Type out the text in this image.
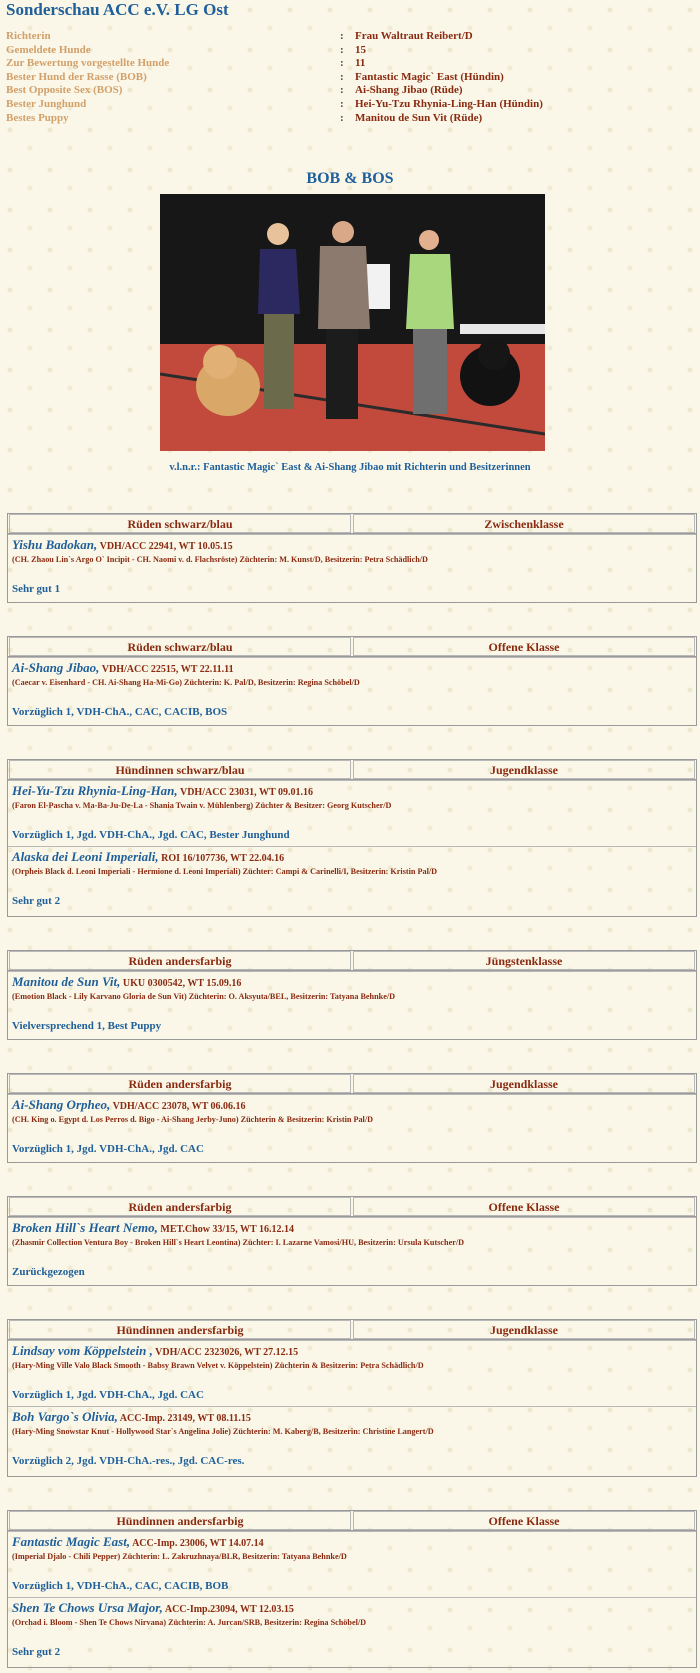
Sonderschau ACC e.V. LG Ost
Richterin	:	Frau Waltraut Reibert/D
Gemeldete Hunde	:	15
Zur Bewertung vorgestellte Hunde	:	11
Bester Hund der Rasse (BOB)	:	Fantastic Magic` East (Hündin)
Best Opposite Sex (BOS)	:	Ai-Shang Jibao (Rüde)
Bester Junghund	:	Hei-Yu-Tzu Rhynia-Ling-Han (Hündin)
Bestes Puppy	:	Manitou de Sun Vit (Rüde)
BOB & BOS
v.l.n.r.: Fantastic Magic` East & Ai-Shang Jibao mit Richterin und Besitzerinnen
Rüden schwarz/blau	Zwischenklasse
Yishu Badokan, VDH/ACC 22941, WT 10.05.15
(CH. Zhaou Lin`s Argo O` Incipit - CH. Naomi v. d. Flachsröste) Züchterin: M. Kunst/D, Besitzerin: Petra Schädlich/D
Sehr gut 1
Rüden schwarz/blau	Offene Klasse
Ai-Shang Jibao, VDH/ACC 22515, WT 22.11.11
(Caecar v. Eisenhard - CH. Ai-Shang Ha-Mi-Go) Züchterin: K. Pal/D, Besitzerin: Regina Schöbel/D
Vorzüglich 1, VDH-ChA., CAC, CACIB, BOS
Hündinnen schwarz/blau	Jugendklasse
Hei-Yu-Tzu Rhynia-Ling-Han, VDH/ACC 23031, WT 09.01.16
(Faron El-Pascha v. Ma-Ba-Ju-De-La - Shania Twain v. Mühlenberg) Züchter & Besitzer: Georg Kutscher/D
Vorzüglich 1, Jgd. VDH-ChA., Jgd. CAC, Bester Junghund
Alaska dei Leoni Imperiali, ROI 16/107736, WT 22.04.16
(Orpheis Black d. Leoni Imperiali - Hermione d. Leoni Imperiali) Züchter: Campi & Carinelli/I, Besitzerin: Kristin Pal/D
Sehr gut 2
Rüden andersfarbig	Jüngstenklasse
Manitou de Sun Vit, UKU 0300542, WT 15.09.16
(Emotion Black - Lily Karvano Gloria de Sun Vit) Züchterin: O. Aksyuta/BEL, Besitzerin: Tatyana Behnke/D
Vielversprechend 1, Best Puppy
Rüden andersfarbig	Jugendklasse
Ai-Shang Orpheo, VDH/ACC 23078, WT 06.06.16
(CH. King o. Egypt d. Los Perros d. Bigo - Ai-Shang Jerby-Juno) Züchterin & Besitzerin: Kristin Pal/D
Vorzüglich 1, Jgd. VDH-ChA., Jgd. CAC
Rüden andersfarbig	Offene Klasse
Broken Hill`s Heart Nemo, MET.Chow 33/15, WT 16.12.14
(Zhasmir Collection Ventura Boy - Broken Hill`s Heart Leontina) Züchter: I. Lazarne Vamosi/HU, Besitzerin: Ursula Kutscher/D
Zurückgezogen
Hündinnen andersfarbig	Jugendklasse
Lindsay vom Köppelstein , VDH/ACC 2323026, WT 27.12.15
(Hary-Ming Ville Valo Black Smooth - Babsy Brawn Velvet v. Köppelstein) Züchterin & Besitzerin: Petra Schädlich/D
Vorzüglich 1, Jgd. VDH-ChA., Jgd. CAC
Boh Vargo`s Olivia, ACC-Imp. 23149, WT 08.11.15
(Hary-Ming Snowstar Knut - Hollywood Star`s Angelina Jolie) Züchterin: M. Kaberg/B, Besitzerin: Christine Langert/D
Vorzüglich 2, Jgd. VDH-ChA.-res., Jgd. CAC-res.
Hündinnen andersfarbig	Offene Klasse
Fantastic Magic East, ACC-Imp. 23006, WT 14.07.14
(Imperial Djalo - Chili Pepper) Züchterin: L. Zakruzhnaya/BLR, Besitzerin: Tatyana Behnke/D
Vorzüglich 1, VDH-ChA., CAC, CACIB, BOB
Shen Te Chows Ursa Major, ACC-Imp.23094, WT 12.03.15
(Orchad i. Bloom - Shen Te Chows Nirvana) Züchterin: A. Jurcan/SRB, Besitzerin: Regina Schöbel/D
Sehr gut 2
